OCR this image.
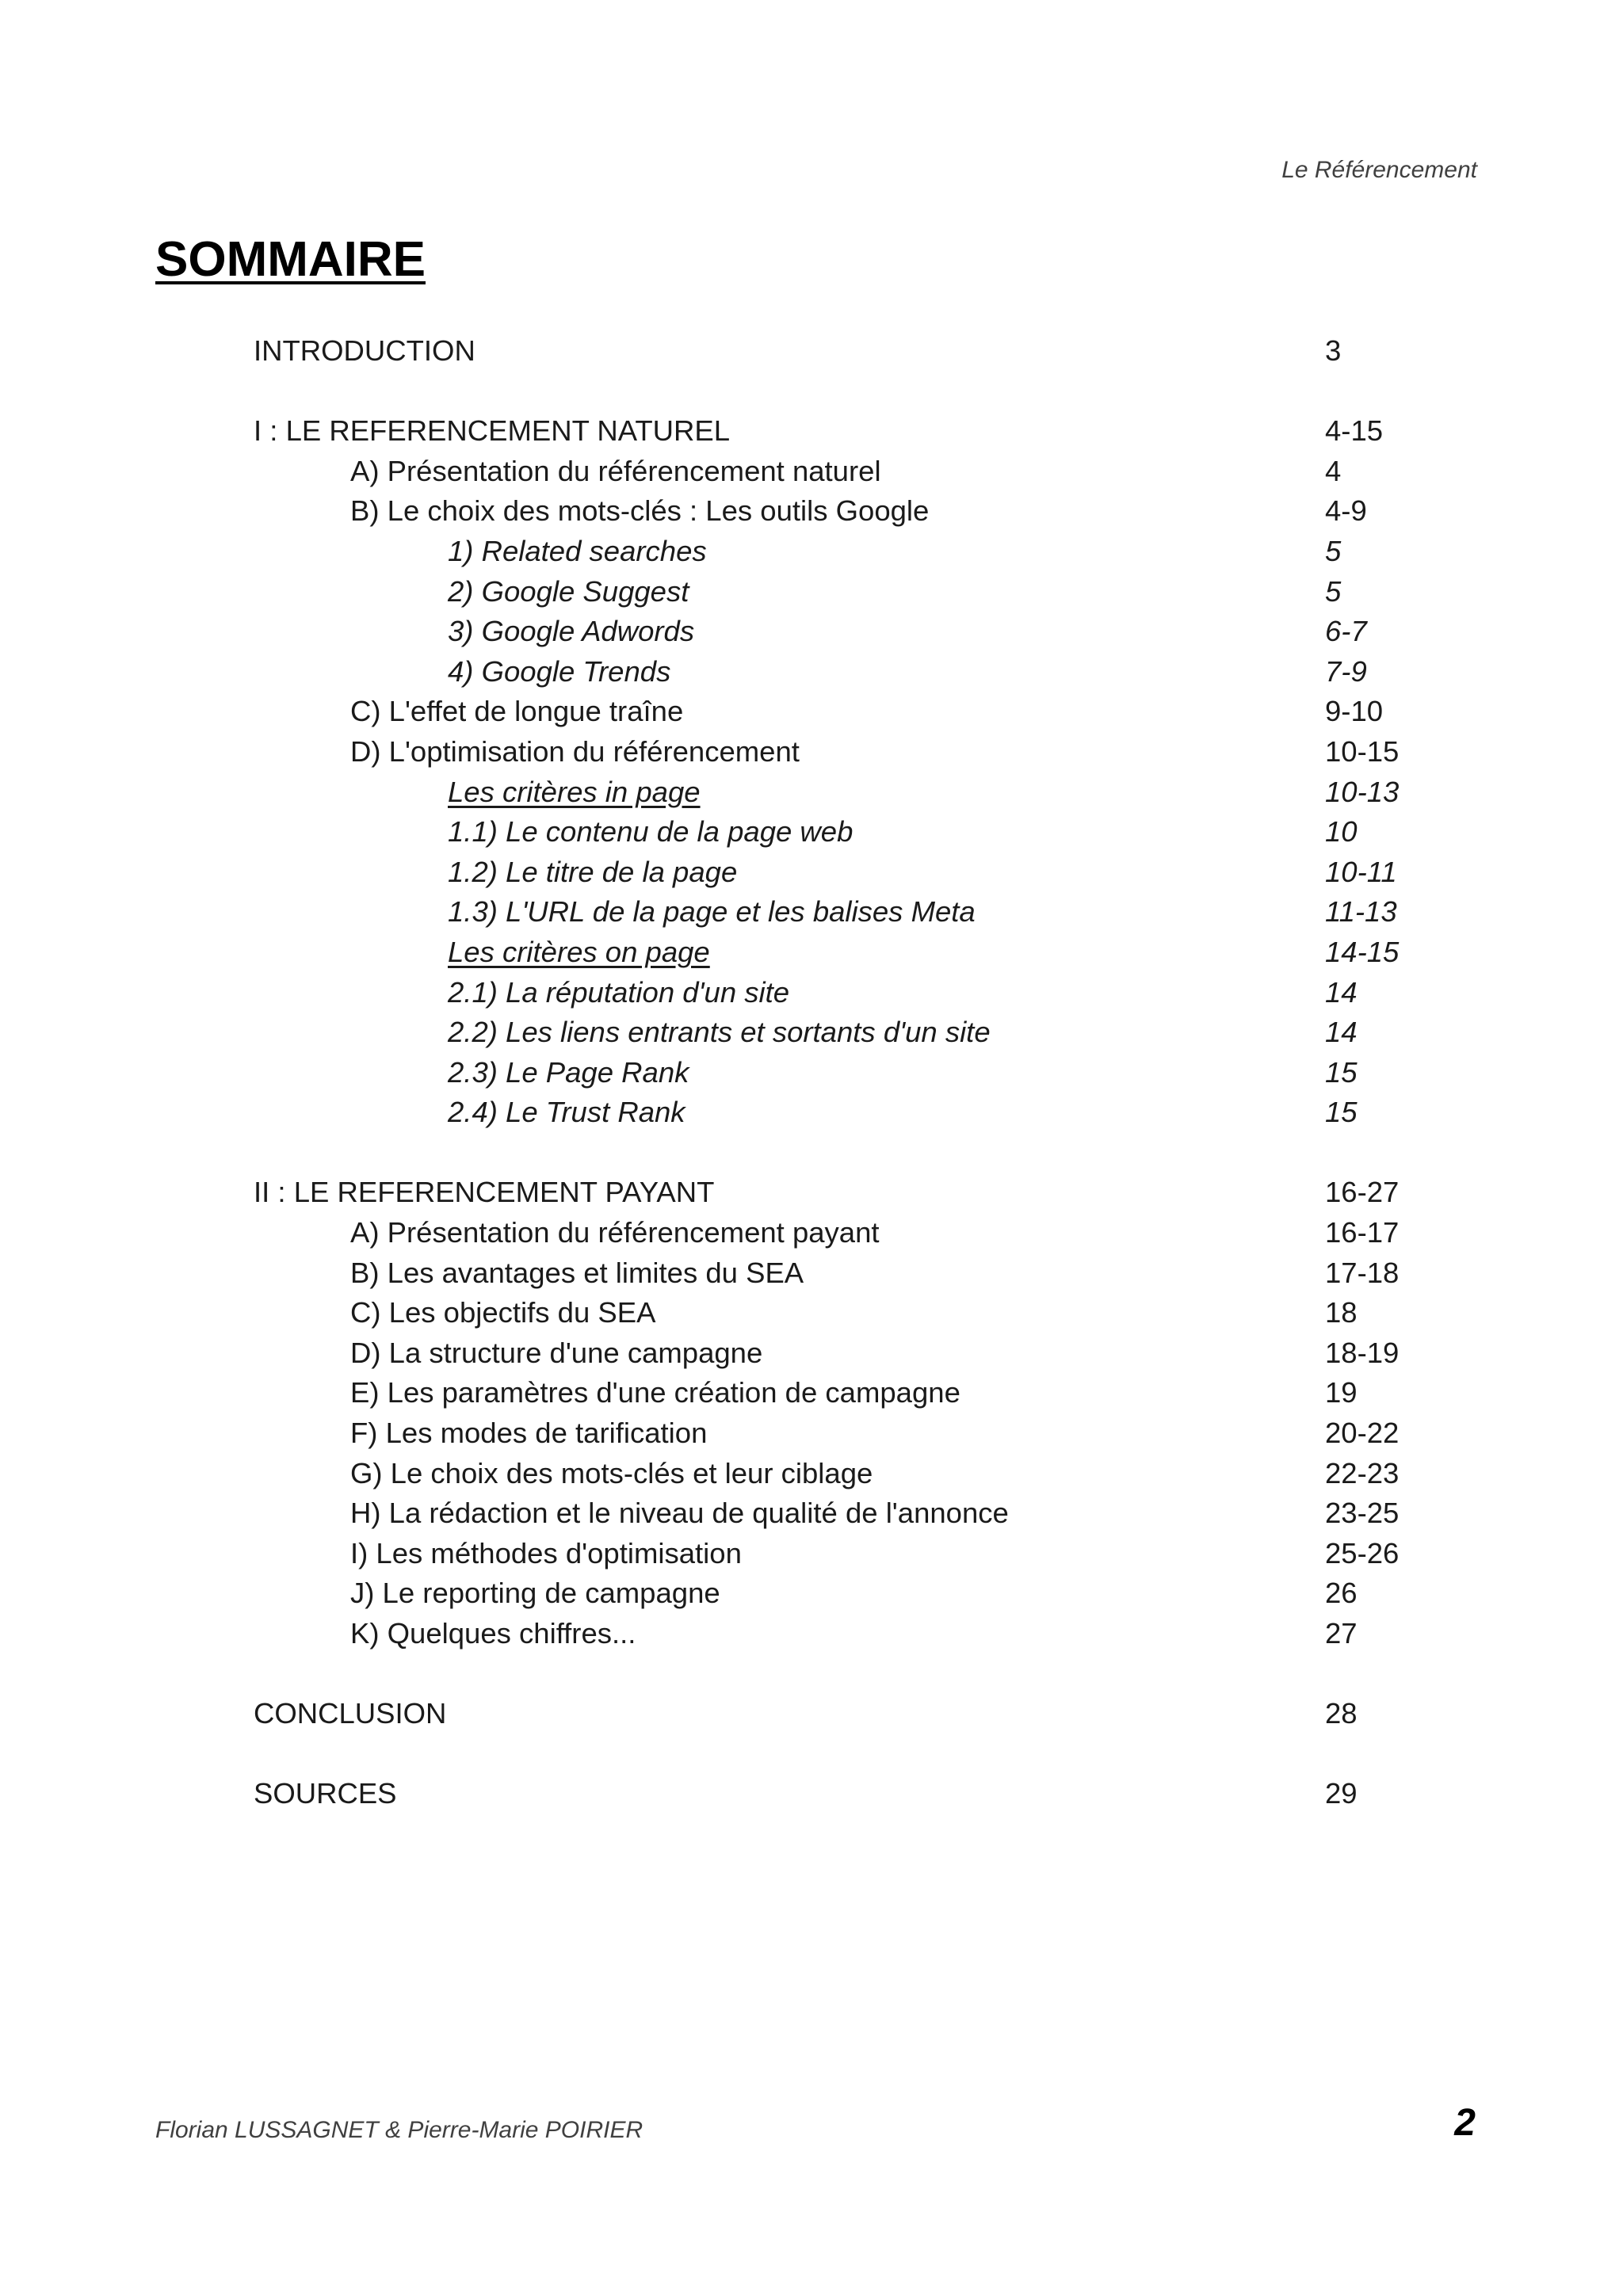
Le Référencement
SOMMAIRE
INTRODUCTION	3
I : LE REFERENCEMENT NATUREL	4-15
A) Présentation du référencement naturel	4
B) Le choix des mots-clés : Les outils Google	4-9
1) Related searches	5
2) Google Suggest	5
3) Google Adwords	6-7
4) Google Trends	7-9
C) L'effet de longue traîne	9-10
D) L'optimisation du référencement	10-15
Les critères in page	10-13
1.1) Le contenu de la page web	10
1.2) Le titre de la page	10-11
1.3) L'URL de la page et les balises Meta	11-13
Les critères on page	14-15
2.1) La réputation d'un site	14
2.2) Les liens entrants et sortants d'un site	14
2.3) Le Page Rank	15
2.4) Le Trust Rank	15
II : LE REFERENCEMENT PAYANT	16-27
A) Présentation du référencement payant	16-17
B) Les avantages et limites du SEA	17-18
C) Les objectifs du SEA	18
D) La structure d'une campagne	18-19
E) Les paramètres d'une création de campagne	19
F) Les modes de tarification	20-22
G) Le choix des mots-clés et leur ciblage	22-23
H) La rédaction et le niveau de qualité de l'annonce	23-25
I) Les méthodes d'optimisation	25-26
J) Le reporting de campagne	26
K) Quelques chiffres...	27
CONCLUSION	28
SOURCES	29
Florian LUSSAGNET & Pierre-Marie POIRIER	2
